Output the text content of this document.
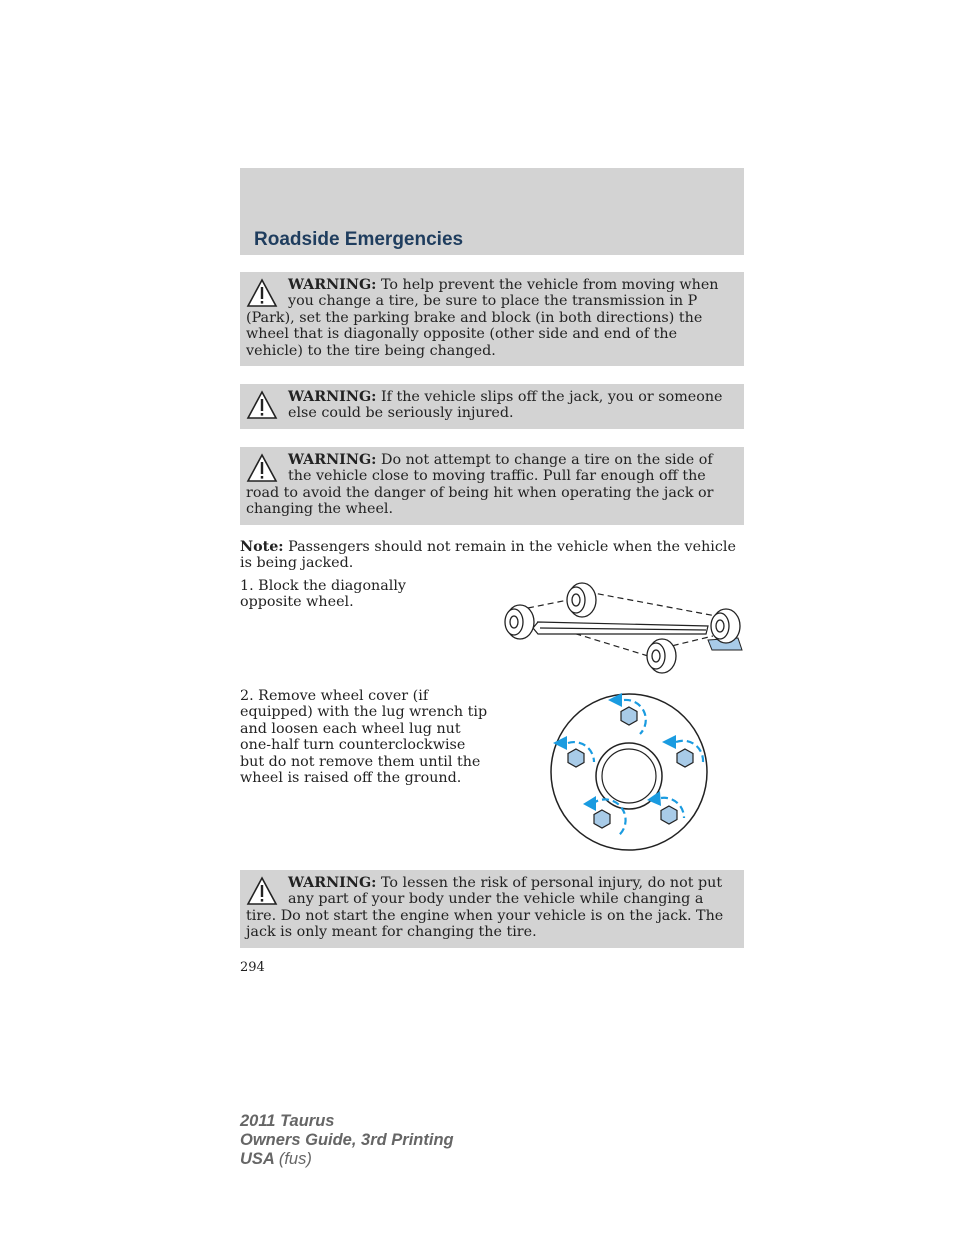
Roadside Emergencies
WARNING: To help prevent the vehicle from moving when you change a tire, be sure to place the transmission in P (Park), set the parking brake and block (in both directions) the wheel that is diagonally opposite (other side and end of the vehicle) to the tire being changed.
WARNING: If the vehicle slips off the jack, you or someone else could be seriously injured.
WARNING: Do not attempt to change a tire on the side of the vehicle close to moving traffic. Pull far enough off the road to avoid the danger of being hit when operating the jack or changing the wheel.
Note: Passengers should not remain in the vehicle when the vehicle is being jacked.
1. Block the diagonally opposite wheel.
2. Remove wheel cover (if equipped) with the lug wrench tip and loosen each wheel lug nut one-half turn counterclockwise but do not remove them until the wheel is raised off the ground.
WARNING: To lessen the risk of personal injury, do not put any part of your body under the vehicle while changing a tire. Do not start the engine when your vehicle is on the jack. The jack is only meant for changing the tire.
294
2011 Taurus
Owners Guide, 3rd Printing
USA (fus)
